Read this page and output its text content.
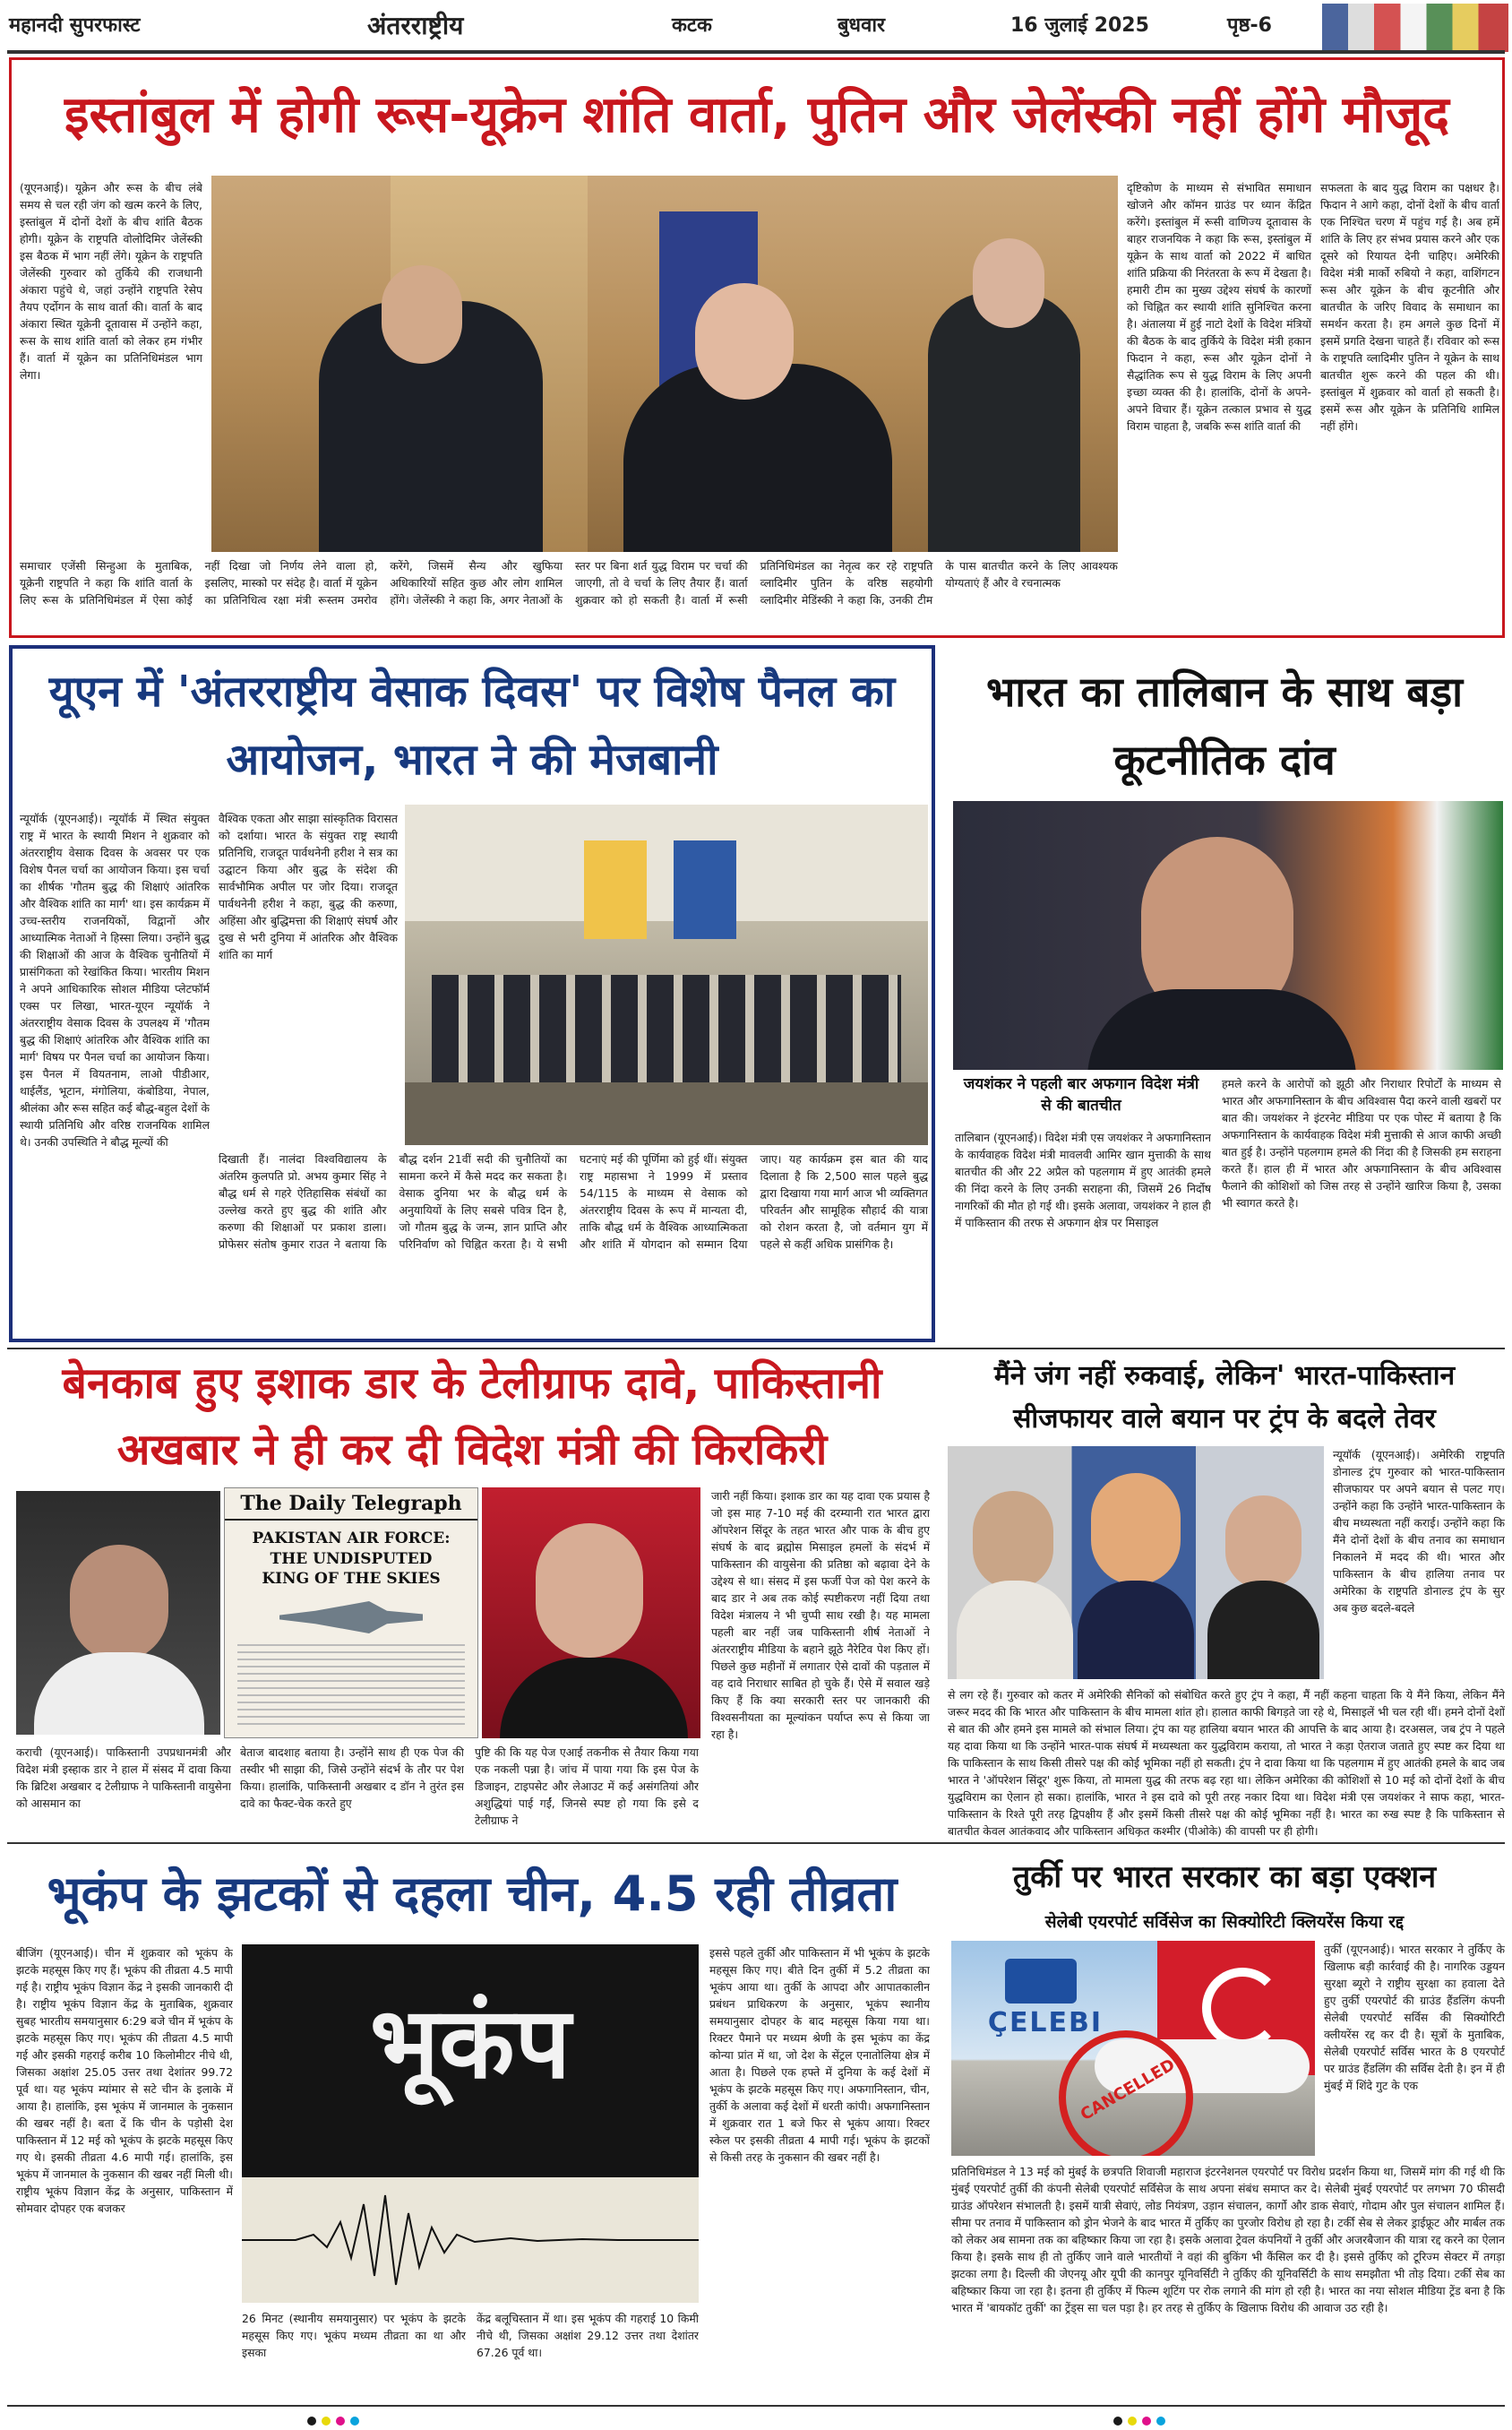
महानदी सुपरफास्ट	अंतरराष्ट्रीय	कटक	बुधवार	16 जुलाई 2025	पृष्ठ-6
इस्तांबुल में होगी रूस-यूक्रेन शांति वार्ता, पुतिन और जेलेंस्की नहीं होंगे मौजूद
(यूएनआई)। यूक्रेन और रूस के बीच लंबे समय से चल रही जंग को खत्म करने के लिए, इस्तांबुल में दोनों देशों के बीच शांति बैठक होगी। यूक्रेन के राष्ट्रपति वोलोदिमिर जेलेंस्की इस बैठक में भाग नहीं लेंगे। यूक्रेन के राष्ट्रपति जेलेंस्की गुरुवार को तुर्किये की राजधानी अंकारा पहुंचे थे, जहां उन्होंने राष्ट्रपति रेसेप तैयप एर्दोगन के साथ वार्ता की। वार्ता के बाद अंकारा स्थित यूक्रेनी दूतावास में उन्होंने कहा, रूस के साथ शांति वार्ता को लेकर हम गंभीर हैं। वार्ता में यूक्रेन का प्रतिनिधिमंडल भाग लेगा।
समाचार एजेंसी सिन्हुआ के मुताबिक, यूक्रेनी राष्ट्रपति ने कहा कि शांति वार्ता के लिए रूस के प्रतिनिधिमंडल में ऐसा कोई नहीं दिखा जो निर्णय लेने वाला हो, इसलिए, मास्को पर संदेह है। वार्ता में यूक्रेन का प्रतिनिधित्व रक्षा मंत्री रूस्तम उमरोव करेंगे, जिसमें सैन्य और खुफिया अधिकारियों सहित कुछ और लोग शामिल होंगे। जेलेंस्की ने कहा कि, अगर नेताओं के स्तर पर बिना शर्त युद्ध विराम पर चर्चा की जाएगी, तो वे चर्चा के लिए तैयार हैं। वार्ता शुक्रवार को हो सकती है। वार्ता में रूसी प्रतिनिधिमंडल का नेतृत्व कर रहे राष्ट्रपति व्लादिमीर पुतिन के वरिष्ठ सहयोगी व्लादिमीर मेडिंस्की ने कहा कि, उनकी टीम के पास बातचीत करने के लिए आवश्यक योग्यताएं हैं और वे रचनात्मक
दृष्टिकोण के माध्यम से संभावित समाधान खोजने और कॉमन ग्राउंड पर ध्यान केंद्रित करेंगे। इस्तांबुल में रूसी वाणिज्य दूतावास के बाहर राजनयिक ने कहा कि रूस, इस्तांबुल में यूक्रेन के साथ वार्ता को 2022 में बाधित शांति प्रक्रिया की निरंतरता के रूप में देखता है। हमारी टीम का मुख्य उद्देश्य संघर्ष के कारणों को चिह्नित कर स्थायी शांति सुनिश्चित करना है। अंतालया में हुई नाटो देशों के विदेश मंत्रियों की बैठक के बाद तुर्किये के विदेश मंत्री हकान फिदान ने कहा, रूस और यूक्रेन दोनों ने सैद्धांतिक रूप से युद्ध विराम के लिए अपनी इच्छा व्यक्त की है। हालांकि, दोनों के अपने-अपने विचार हैं। यूक्रेन तत्काल प्रभाव से युद्ध विराम चाहता है, जबकि रूस शांति वार्ता की
सफलता के बाद युद्ध विराम का पक्षधर है। फिदान ने आगे कहा, दोनों देशों के बीच वार्ता एक निश्चित चरण में पहुंच गई है। अब हमें शांति के लिए हर संभव प्रयास करने और एक दूसरे को रियायत देनी चाहिए। अमेरिकी विदेश मंत्री मार्को रुबियो ने कहा, वाशिंगटन रूस और यूक्रेन के बीच कूटनीति और बातचीत के जरिए विवाद के समाधान का समर्थन करता है। हम अगले कुछ दिनों में इसमें प्रगति देखना चाहते हैं। रविवार को रूस के राष्ट्रपति व्लादिमीर पुतिन ने यूक्रेन के साथ बातचीत शुरू करने की पहल की थी। इस्तांबुल में शुक्रवार को वार्ता हो सकती है। इसमें रूस और यूक्रेन के प्रतिनिधि शामिल नहीं होंगे।
यूएन में 'अंतरराष्ट्रीय वेसाक दिवस' पर विशेष पैनल का
आयोजन, भारत ने की मेजबानी
न्यूयॉर्क (यूएनआई)। न्यूयॉर्क में स्थित संयुक्त राष्ट्र में भारत के स्थायी मिशन ने शुक्रवार को अंतरराष्ट्रीय वेसाक दिवस के अवसर पर एक विशेष पैनल चर्चा का आयोजन किया। इस चर्चा का शीर्षक 'गौतम बुद्ध की शिक्षाएं आंतरिक और वैश्विक शांति का मार्ग' था। इस कार्यक्रम में उच्च-स्तरीय राजनयिकों, विद्वानों और आध्यात्मिक नेताओं ने हिस्सा लिया। उन्होंने बुद्ध की शिक्षाओं की आज के वैश्विक चुनौतियों में प्रासंगिकता को रेखांकित किया। भारतीय मिशन ने अपने आधिकारिक सोशल मीडिया प्लेटफॉर्म एक्स पर लिखा, भारत-यूएन न्यूयॉर्क ने अंतरराष्ट्रीय वेसाक दिवस के उपलक्ष्य में 'गौतम बुद्ध की शिक्षाएं आंतरिक और वैश्विक शांति का मार्ग' विषय पर पैनल चर्चा का आयोजन किया। इस पैनल में वियतनाम, लाओ पीडीआर, थाईलैंड, भूटान, मंगोलिया, कंबोडिया, नेपाल, श्रीलंका और रूस सहित कई बौद्ध-बहुल देशों के स्थायी प्रतिनिधि और वरिष्ठ राजनयिक शामिल थे। उनकी उपस्थिति ने बौद्ध मूल्यों की
वैश्विक एकता और साझा सांस्कृतिक विरासत को दर्शाया। भारत के संयुक्त राष्ट्र स्थायी प्रतिनिधि, राजदूत पार्वथनेनी हरीश ने सत्र का उद्घाटन किया और बुद्ध के संदेश की सार्वभौमिक अपील पर जोर दिया। राजदूत पार्वथनेनी हरीश ने कहा, बुद्ध की करुणा, अहिंसा और बुद्धिमत्ता की शिक्षाएं संघर्ष और दुख से भरी दुनिया में आंतरिक और वैश्विक शांति का मार्ग
दिखाती हैं। नालंदा विश्वविद्यालय के अंतरिम कुलपति प्रो. अभय कुमार सिंह ने बौद्ध धर्म से गहरे ऐतिहासिक संबंधों का उल्लेख करते हुए बुद्ध की शांति और करुणा की शिक्षाओं पर प्रकाश डाला। प्रोफेसर संतोष कुमार राउत ने बताया कि बौद्ध दर्शन 21वीं सदी की चुनौतियों का सामना करने में कैसे मदद कर सकता है। वेसाक दुनिया भर के बौद्ध धर्म के अनुयायियों के लिए सबसे पवित्र दिन है, जो गौतम बुद्ध के जन्म, ज्ञान प्राप्ति और परिनिर्वाण को चिह्नित करता है। ये सभी घटनाएं मई की पूर्णिमा को हुई थीं। संयुक्त राष्ट्र महासभा ने 1999 में प्रस्ताव 54/115 के माध्यम से वेसाक को अंतरराष्ट्रीय दिवस के रूप में मान्यता दी, ताकि बौद्ध धर्म के वैश्विक आध्यात्मिकता और शांति में योगदान को सम्मान दिया जाए। यह कार्यक्रम इस बात की याद दिलाता है कि 2,500 साल पहले बुद्ध द्वारा दिखाया गया मार्ग आज भी व्यक्तिगत परिवर्तन और सामूहिक सौहार्द की यात्रा को रोशन करता है, जो वर्तमान युग में पहले से कहीं अधिक प्रासंगिक है।
भारत का तालिबान के साथ बड़ा
कूटनीतिक दांव
जयशंकर ने पहली बार अफगान विदेश मंत्री
से की बातचीत
तालिबान (यूएनआई)। विदेश मंत्री एस जयशंकर ने अफगानिस्तान के कार्यवाहक विदेश मंत्री मावलवी आमिर खान मुत्ताकी के साथ बातचीत की और 22 अप्रैल को पहलगाम में हुए आतंकी हमले की निंदा करने के लिए उनकी सराहना की, जिसमें 26 निर्दोष नागरिकों की मौत हो गई थी। इसके अलावा, जयशंकर ने हाल ही में पाकिस्तान की तरफ से अफगान क्षेत्र पर मिसाइल
हमले करने के आरोपों को झूठी और निराधार रिपोर्टों के माध्यम से भारत और अफगानिस्तान के बीच अविश्वास पैदा करने वाली खबरों पर बात की। जयशंकर ने इंटरनेट मीडिया पर एक पोस्ट में बताया है कि अफगानिस्तान के कार्यवाहक विदेश मंत्री मुत्ताकी से आज काफी अच्छी बात हुई है। उन्होंने पहलगाम हमले की निंदा की है जिसकी हम सराहना करते हैं। हाल ही में भारत और अफगानिस्तान के बीच अविश्वास फैलाने की कोशिशों को जिस तरह से उन्होंने खारिज किया है, उसका भी स्वागत करते है।
बेनकाब हुए इशाक डार के टेलीग्राफ दावे, पाकिस्तानी
अखबार ने ही कर दी विदेश मंत्री की किरकिरी
The Daily Telegraph
PAKISTAN AIR FORCE:
THE UNDISPUTED
KING OF THE SKIES
कराची (यूएनआई)। पाकिस्तानी उपप्रधानमंत्री और विदेश मंत्री इस्हाक डार ने हाल में संसद में दावा किया कि ब्रिटिश अखबार द टेलीग्राफ ने पाकिस्तानी वायुसेना को आसमान का
बेताज बादशाह बताया है। उन्होंने साथ ही एक पेज की तस्वीर भी साझा की, जिसे उन्होंने संदर्भ के तौर पर पेश किया। हालांकि, पाकिस्तानी अखबार द डॉन ने तुरंत इस दावे का फैक्ट-चेक करते हुए
पुष्टि की कि यह पेज एआई तकनीक से तैयार किया गया एक नकली पन्ना है। जांच में पाया गया कि इस पेज के डिजाइन, टाइपसेट और लेआउट में कई असंगतियां और अशुद्धियां पाई गईं, जिनसे स्पष्ट हो गया कि इसे द टेलीग्राफ ने
जारी नहीं किया। इशाक डार का यह दावा एक प्रयास है जो इस माह 7-10 मई की दरम्यानी रात भारत द्वारा ऑपरेशन सिंदूर के तहत भारत और पाक के बीच हुए संघर्ष के बाद ब्रह्मोस मिसाइल हमलों के संदर्भ में पाकिस्तान की वायुसेना की प्रतिष्ठा को बढ़ावा देने के उद्देश्य से था। संसद में इस फर्जी पेज को पेश करने के बाद डार ने अब तक कोई स्पष्टीकरण नहीं दिया तथा विदेश मंत्रालय ने भी चुप्पी साध रखी है। यह मामला पहली बार नहीं जब पाकिस्तानी शीर्ष नेताओं ने अंतरराष्ट्रीय मीडिया के बहाने झूठे नैरेटिव पेश किए हों। पिछले कुछ महीनों में लगातार ऐसे दावों की पड़ताल में वह दावे निराधार साबित हो चुके हैं। ऐसे में सवाल खड़े किए हैं कि क्या सरकारी स्तर पर जानकारी की विश्वसनीयता का मूल्यांकन पर्याप्त रूप से किया जा रहा है।
मैंने जंग नहीं रुकवाई, लेकिन' भारत-पाकिस्तान
सीजफायर वाले बयान पर ट्रंप के बदले तेवर
न्यूयॉर्क (यूएनआई)। अमेरिकी राष्ट्रपति डोनाल्ड ट्रंप गुरुवार को भारत-पाकिस्तान सीजफायर पर अपने बयान से पलट गए। उन्होंने कहा कि उन्होंने भारत-पाकिस्तान के बीच मध्यस्थता नहीं कराई। उन्होंने कहा कि मैंने दोनों देशों के बीच तनाव का समाधान निकालने में मदद की थी। भारत और पाकिस्तान के बीच हालिया तनाव पर अमेरिका के राष्ट्रपति डोनाल्ड ट्रंप के सुर अब कुछ बदले-बदले
से लग रहे हैं। गुरुवार को कतर में अमेरिकी सैनिकों को संबोधित करते हुए ट्रंप ने कहा, मैं नहीं कहना चाहता कि ये मैंने किया, लेकिन मैंने जरूर मदद की कि भारत और पाकिस्तान के बीच मामला शांत हो। हालात काफी बिगड़ते जा रहे थे, मिसाइलें भी चल रही थीं। हमने दोनों देशों से बात की और हमने इस मामले को संभाल लिया। ट्रंप का यह हालिया बयान भारत की आपत्ति के बाद आया है। दरअसल, जब ट्रंप ने पहले यह दावा किया था कि उन्होंने भारत-पाक संघर्ष में मध्यस्थता कर युद्धविराम कराया, तो भारत ने कड़ा ऐतराज जताते हुए स्पष्ट कर दिया था कि पाकिस्तान के साथ किसी तीसरे पक्ष की कोई भूमिका नहीं हो सकती। ट्रंप ने दावा किया था कि पहलगाम में हुए आतंकी हमले के बाद जब भारत ने 'ऑपरेशन सिंदूर' शुरू किया, तो मामला युद्ध की तरफ बढ़ रहा था। लेकिन अमेरिका की कोशिशों से 10 मई को दोनों देशों के बीच युद्धविराम का ऐलान हो सका। हालांकि, भारत ने इस दावे को पूरी तरह नकार दिया था। विदेश मंत्री एस जयशंकर ने साफ कहा, भारत-पाकिस्तान के रिश्ते पूरी तरह द्विपक्षीय हैं और इसमें किसी तीसरे पक्ष की कोई भूमिका नहीं है। भारत का रुख स्पष्ट है कि पाकिस्तान से बातचीत केवल आतंकवाद और पाकिस्तान अधिकृत कश्मीर (पीओके) की वापसी पर ही होगी।
भूकंप के झटकों से दहला चीन, 4.5 रही तीव्रता
बीजिंग (यूएनआई)। चीन में शुक्रवार को भूकंप के झटके महसूस किए गए हैं। भूकंप की तीव्रता 4.5 मापी गई है। राष्ट्रीय भूकंप विज्ञान केंद्र ने इसकी जानकारी दी है। राष्ट्रीय भूकंप विज्ञान केंद्र के मुताबिक, शुक्रवार सुबह भारतीय समयानुसार 6:29 बजे चीन में भूकंप के झटके महसूस किए गए। भूकंप की तीव्रता 4.5 मापी गई और इसकी गहराई करीब 10 किलोमीटर नीचे थी, जिसका अक्षांश 25.05 उत्तर तथा देशांतर 99.72 पूर्व था। यह भूकंप म्यांमार से सटे चीन के इलाके में आया है। हालांकि, इस भूकंप में जानमाल के नुकसान की खबर नहीं है। बता दें कि चीन के पड़ोसी देश पाकिस्तान में 12 मई को भूकंप के झटके महसूस किए गए थे। इसकी तीव्रता 4.6 मापी गई। हालांकि, इस भूकंप में जानमाल के नुकसान की खबर नहीं मिली थी। राष्ट्रीय भूकंप विज्ञान केंद्र के अनुसार, पाकिस्तान में सोमवार दोपहर एक बजकर
भूकंप
26 मिनट (स्थानीय समयानुसार) पर भूकंप के झटके महसूस किए गए। भूकंप मध्यम तीव्रता का था और इसका
केंद्र बलूचिस्तान में था। इस भूकंप की गहराई 10 किमी नीचे थी, जिसका अक्षांश 29.12 उत्तर तथा देशांतर 67.26 पूर्व था।
इससे पहले तुर्की और पाकिस्तान में भी भूकंप के झटके महसूस किए गए। बीते दिन तुर्की में 5.2 तीव्रता का भूकंप आया था। तुर्की के आपदा और आपातकालीन प्रबंधन प्राधिकरण के अनुसार, भूकंप स्थानीय समयानुसार दोपहर के बाद महसूस किया गया था। रिक्टर पैमाने पर मध्यम श्रेणी के इस भूकंप का केंद्र कोन्या प्रांत में था, जो देश के सेंट्रल एनातोलिया क्षेत्र में आता है। पिछले एक हफ्ते में दुनिया के कई देशों में भूकंप के झटके महसूस किए गए। अफगानिस्तान, चीन, तुर्की के अलावा कई देशों में धरती कांपी। अफगानिस्तान में शुक्रवार रात 1 बजे फिर से भूकंप आया। रिक्टर स्केल पर इसकी तीव्रता 4 मापी गई। भूकंप के झटकों से किसी तरह के नुकसान की खबर नहीं है।
तुर्की पर भारत सरकार का बड़ा एक्शन
सेलेबी एयरपोर्ट सर्विसेज का सिक्योरिटी क्लियरेंस किया रद्द
ÇELEBI
CANCELLED
तुर्की (यूएनआई)। भारत सरकार ने तुर्किए के खिलाफ बड़ी कार्रवाई की है। नागरिक उड्डयन सुरक्षा ब्यूरो ने राष्ट्रीय सुरक्षा का हवाला देते हुए तुर्की एयरपोर्ट की ग्राउंड हैंडलिंग कंपनी सेलेबी एयरपोर्ट सर्विस की सिक्योरिटी क्लीयरेंस रद्द कर दी है। सूत्रों के मुताबिक, सेलेबी एयरपोर्ट सर्विस भारत के 8 एयरपोर्ट पर ग्राउंड हैंडलिंग की सर्विस देती है। इन में ही मुंबई में शिंदे गुट के एक
प्रतिनिधिमंडल ने 13 मई को मुंबई के छत्रपति शिवाजी महाराज इंटरनेशनल एयरपोर्ट पर विरोध प्रदर्शन किया था, जिसमें मांग की गई थी कि मुंबई एयरपोर्ट तुर्की की कंपनी सेलेबी एयरपोर्ट सर्विसेज के साथ अपना संबंध समाप्त कर दे। सेलेबी मुंबई एयरपोर्ट पर लगभग 70 फीसदी ग्राउंड ऑपरेशन संभालती है। इसमें यात्री सेवाएं, लोड नियंत्रण, उड़ान संचालन, कार्गो और डाक सेवाएं, गोदाम और पुल संचालन शामिल हैं। सीमा पर तनाव में पाकिस्तान को ड्रोन भेजने के बाद भारत में तुर्किए का पुरजोर विरोध हो रहा है। टर्की सेब से लेकर ड्राईफ्रूट और मार्बल तक को लेकर अब सामना तक का बहिष्कार किया जा रहा है। इसके अलावा ट्रेवल कंपनियों ने तुर्की और अजरबैजान की यात्रा रद्द करने का ऐलान किया है। इसके साथ ही तो तुर्किए जाने वाले भारतीयों ने वहां की बुकिंग भी कैंसिल कर दी है। इससे तुर्किए को टूरिज्म सेक्टर में तगड़ा झटका लगा है। दिल्ली की जेएनयू और यूपी की कानपुर यूनिवर्सिटी ने तुर्किए की यूनिवर्सिटी के साथ समझौता भी तोड़ दिया। टर्की सेब का बहिष्कार किया जा रहा है। इतना ही तुर्किए में फिल्म शूटिंग पर रोक लगाने की मांग हो रही है। भारत का नया सोशल मीडिया ट्रेंड बना है कि भारत में 'बायकॉट तुर्की' का ट्रेंड्स सा चल पड़ा है। हर तरह से तुर्किए के खिलाफ विरोध की आवाज उठ रही है।
